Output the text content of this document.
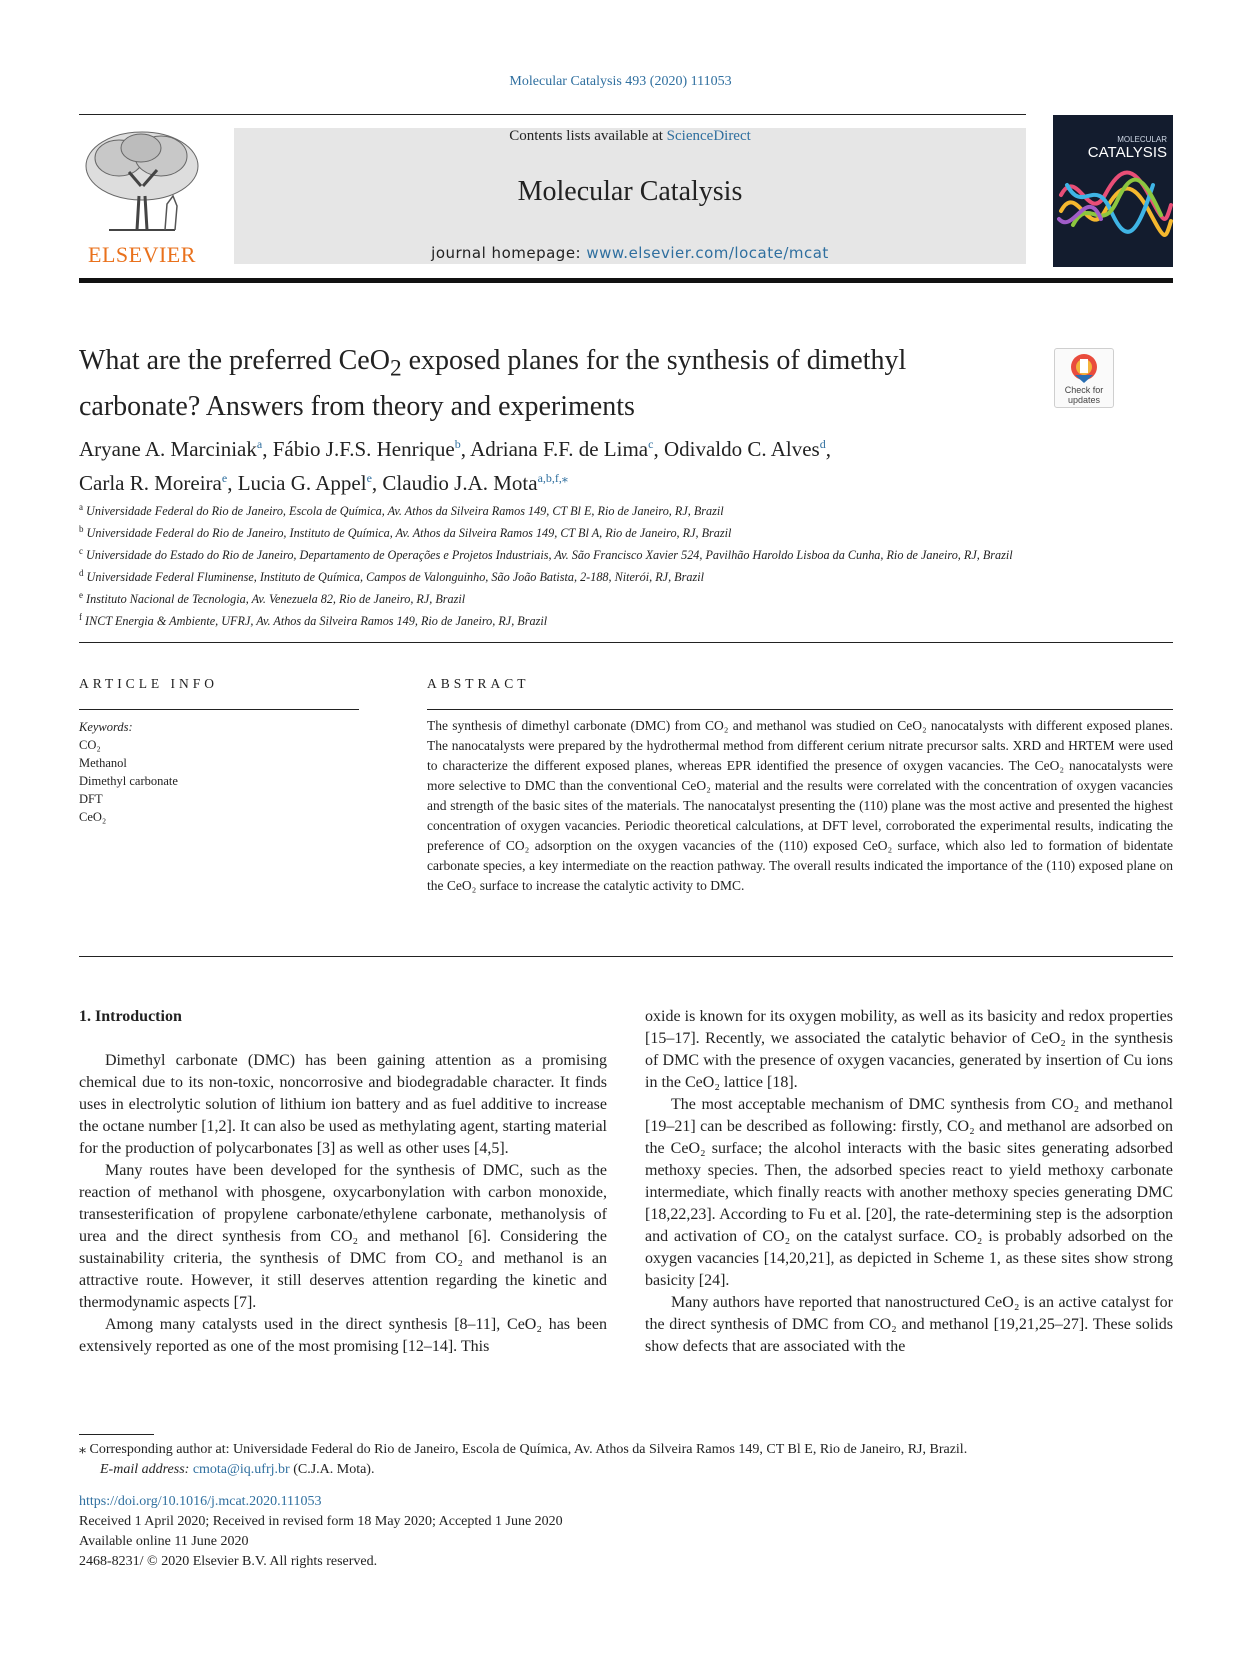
Molecular Catalysis 493 (2020) 111053
ELSEVIER
Contents lists available at ScienceDirect
Molecular Catalysis
journal homepage: www.elsevier.com/locate/mcat
MOLECULAR
CATALYSIS
What are the preferred CeO$_2$ exposed planes for the synthesis of dimethyl carbonate? Answers from theory and experiments
Check for updates
Aryane A. Marciniak$^a$, Fábio J.F.S. Henrique$^b$, Adriana F.F. de Lima$^c$, Odivaldo C. Alves$^d$,
Carla R. Moreira$^e$, Lucia G. Appel$^e$, Claudio J.A. Mota$^{a,b,f,⁎}$
$^a$ Universidade Federal do Rio de Janeiro, Escola de Química, Av. Athos da Silveira Ramos 149, CT Bl E, Rio de Janeiro, RJ, Brazil
$^b$ Universidade Federal do Rio de Janeiro, Instituto de Química, Av. Athos da Silveira Ramos 149, CT Bl A, Rio de Janeiro, RJ, Brazil
$^c$ Universidade do Estado do Rio de Janeiro, Departamento de Operações e Projetos Industriais, Av. São Francisco Xavier 524, Pavilhão Haroldo Lisboa da Cunha, Rio de Janeiro, RJ, Brazil
$^d$ Universidade Federal Fluminense, Instituto de Química, Campos de Valonguinho, São João Batista, 2-188, Niterói, RJ, Brazil
$^e$ Instituto Nacional de Tecnologia, Av. Venezuela 82, Rio de Janeiro, RJ, Brazil
$^f$ INCT Energia & Ambiente, UFRJ, Av. Athos da Silveira Ramos 149, Rio de Janeiro, RJ, Brazil
ARTICLE INFO
Keywords:
CO₂
Methanol
Dimethyl carbonate
DFT
CeO₂
ABSTRACT
The synthesis of dimethyl carbonate (DMC) from CO₂ and methanol was studied on CeO₂ nanocatalysts with different exposed planes. The nanocatalysts were prepared by the hydrothermal method from different cerium nitrate precursor salts. XRD and HRTEM were used to characterize the different exposed planes, whereas EPR identified the presence of oxygen vacancies. The CeO₂ nanocatalysts were more selective to DMC than the conventional CeO₂ material and the results were correlated with the concentration of oxygen vacancies and strength of the basic sites of the materials. The nanocatalyst presenting the (110) plane was the most active and presented the highest concentration of oxygen vacancies. Periodic theoretical calculations, at DFT level, corroborated the experimental results, indicating the preference of CO₂ adsorption on the oxygen vacancies of the (110) exposed CeO₂ surface, which also led to formation of bidentate carbonate species, a key intermediate on the reaction pathway. The overall results indicated the importance of the (110) exposed plane on the CeO₂ surface to increase the catalytic activity to DMC.
1. Introduction

Dimethyl carbonate (DMC) has been gaining attention as a promising chemical due to its non-toxic, noncorrosive and biodegradable character. It finds uses in electrolytic solution of lithium ion battery and as fuel additive to increase the octane number [1,2]. It can also be used as methylating agent, starting material for the production of polycarbonates [3] as well as other uses [4,5].

Many routes have been developed for the synthesis of DMC, such as the reaction of methanol with phosgene, oxycarbonylation with carbon monoxide, transesterification of propylene carbonate/ethylene carbonate, methanolysis of urea and the direct synthesis from CO₂ and methanol [6]. Considering the sustainability criteria, the synthesis of DMC from CO₂ and methanol is an attractive route. However, it still deserves attention regarding the kinetic and thermodynamic aspects [7].

Among many catalysts used in the direct synthesis [8–11], CeO₂ has been extensively reported as one of the most promising [12–14]. This

oxide is known for its oxygen mobility, as well as its basicity and redox properties [15–17]. Recently, we associated the catalytic behavior of CeO₂ in the synthesis of DMC with the presence of oxygen vacancies, generated by insertion of Cu ions in the CeO₂ lattice [18].

The most acceptable mechanism of DMC synthesis from CO₂ and methanol [19–21] can be described as following: firstly, CO₂ and methanol are adsorbed on the CeO₂ surface; the alcohol interacts with the basic sites generating adsorbed methoxy species. Then, the adsorbed species react to yield methoxy carbonate intermediate, which finally reacts with another methoxy species generating DMC [18,22,23]. According to Fu et al. [20], the rate-determining step is the adsorption and activation of CO₂ on the catalyst surface. CO₂ is probably adsorbed on the oxygen vacancies [14,20,21], as depicted in Scheme 1, as these sites show strong basicity [24].

Many authors have reported that nanostructured CeO₂ is an active catalyst for the direct synthesis of DMC from CO₂ and methanol [19,21,25–27]. These solids show defects that are associated with the

⁎ Corresponding author at: Universidade Federal do Rio de Janeiro, Escola de Química, Av. Athos da Silveira Ramos 149, CT Bl E, Rio de Janeiro, RJ, Brazil.
E-mail address: cmota@iq.ufrj.br (C.J.A. Mota).
https://doi.org/10.1016/j.mcat.2020.111053
Received 1 April 2020; Received in revised form 18 May 2020; Accepted 1 June 2020
Available online 11 June 2020
2468-8231/ © 2020 Elsevier B.V. All rights reserved.
